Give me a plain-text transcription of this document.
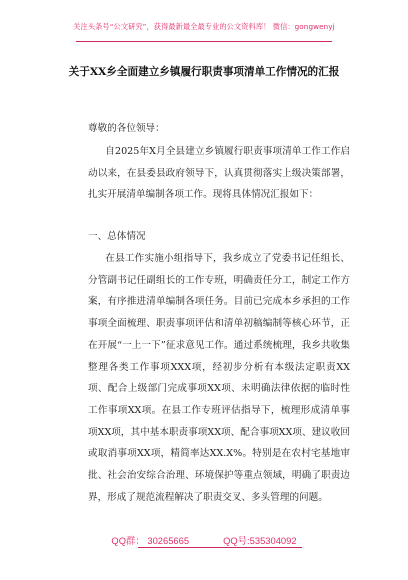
关注头条号“公文研究”，获得最新最全最专业的公文资料库！ 微信：gongwenyj
关于XX乡全面建立乡镇履行职责事项清单工作情况的汇报
尊敬的各位领导：
自2025年X月全县建立乡镇履行职责事项清单工作工作启动以来，在县委县政府领导下，认真贯彻落实上级决策部署，扎实开展清单编制各项工作。现将具体情况汇报如下：
一、总体情况
在县工作实施小组指导下，我乡成立了党委书记任组长、分管副书记任副组长的工作专班，明确责任分工，制定工作方案，有序推进清单编制各项任务。目前已完成本乡承担的工作事项全面梳理、职责事项评估和清单初稿编制等核心环节，正在开展“一上一下”征求意见工作。通过系统梳理，我乡共收集整理各类工作事项XXX项，经初步分析有本级法定职责XX项、配合上级部门完成事项XX项、未明确法律依据的临时性工作事项XX项。在县工作专班评估指导下，梳理形成清单事项XX项，其中基本职责事项XX项、配合事项XX项、建议收回或取消事项XX项，精简率达XX.X%。特别是在农村宅基地审批、社会治安综合治理、环境保护等重点领域，明确了职责边界，形成了规范流程解决了职责交叉、多头管理的问题。
QQ群： 30265665	QQ号:535304092
